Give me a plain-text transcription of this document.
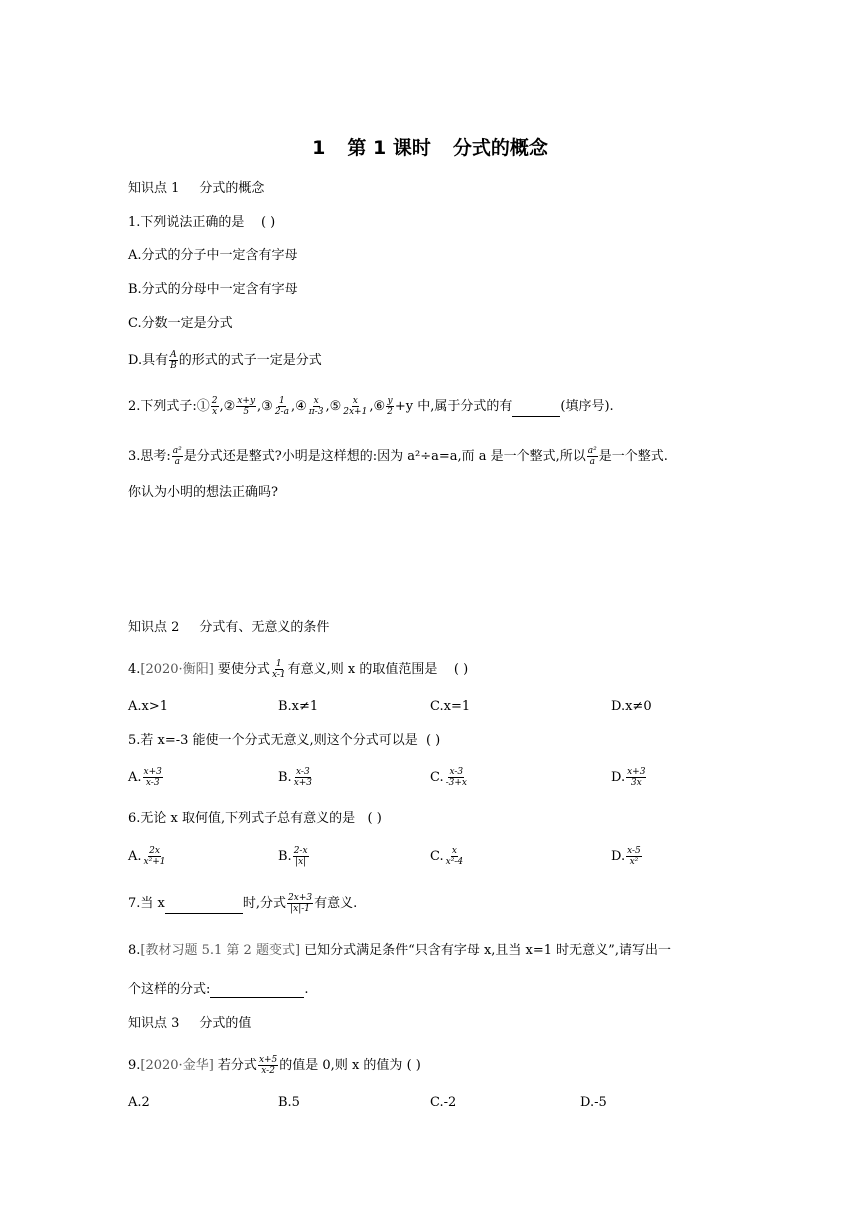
1 第 1 课时 分式的概念
知识点 1 分式的概念
1.下列说法正确的是 ( )
A.分式的分子中一定含有字母
B.分式的分母中一定含有字母
C.分数一定是分式
D.具有 $\frac{A}{B}$ 的形式的式子一定是分式
2.下列式子:① $\frac{2}{x}$ ,② $\frac{x+y}{5}$ ,③ $\frac{1}{2-a}$ ,④ $\frac{x}{\pi-3}$ ,⑤ $\frac{x}{2x+1}$ ,⑥ $\frac{y}{2} +y$ 中,属于分式的有	(填序号).
3.思考: $\frac{\text{a²}}{a}$ 是分式还是整式?小明是这样想的:因为 a²÷a=a,而 a 是一个整式,所以 $\frac{\text{a²}}{a}$ 是一个整式.
你认为小明的想法正确吗?
知识点 2 分式有、无意义的条件
4.[2020·衡阳] 要使分式 $\frac{1}{x-1}$ 有意义,则 x 的取值范围是 ( )
A.x>1	B.x≠1	C.x=1	D.x≠0
5.若 x=-3 能使一个分式无意义,则这个分式可以是 ( )
A. $\frac{x+3}{x-3}$	B. $\frac{x-3}{x+3}$	C. $\frac{x-3}{-3+x}$	D. $\frac{x+3}{3x}$
6.无论 x 取何值,下列式子总有意义的是 ( )
A. $\frac{2x}{\text{x²+1}}$	B. $\frac{2-x}{|x|}$	C. $\frac{x}{\text{x²-4}}$	D. $\frac{x-5}{\text{x²}}$
7.当 x	时,分式 $\frac{2x+3}{|x|-1}$ 有意义.
8.[教材习题 5.1 第 2 题变式] 已知分式满足条件“只含有字母 x,且当 x=1 时无意义”,请写出一
个这样的分式:	.
知识点 3 分式的值
9.[2020·金华] 若分式 $\frac{x+5}{x-2}$ 的值是 0,则 x 的值为 ( )
A.2	B.5	C.-2	D.-5
